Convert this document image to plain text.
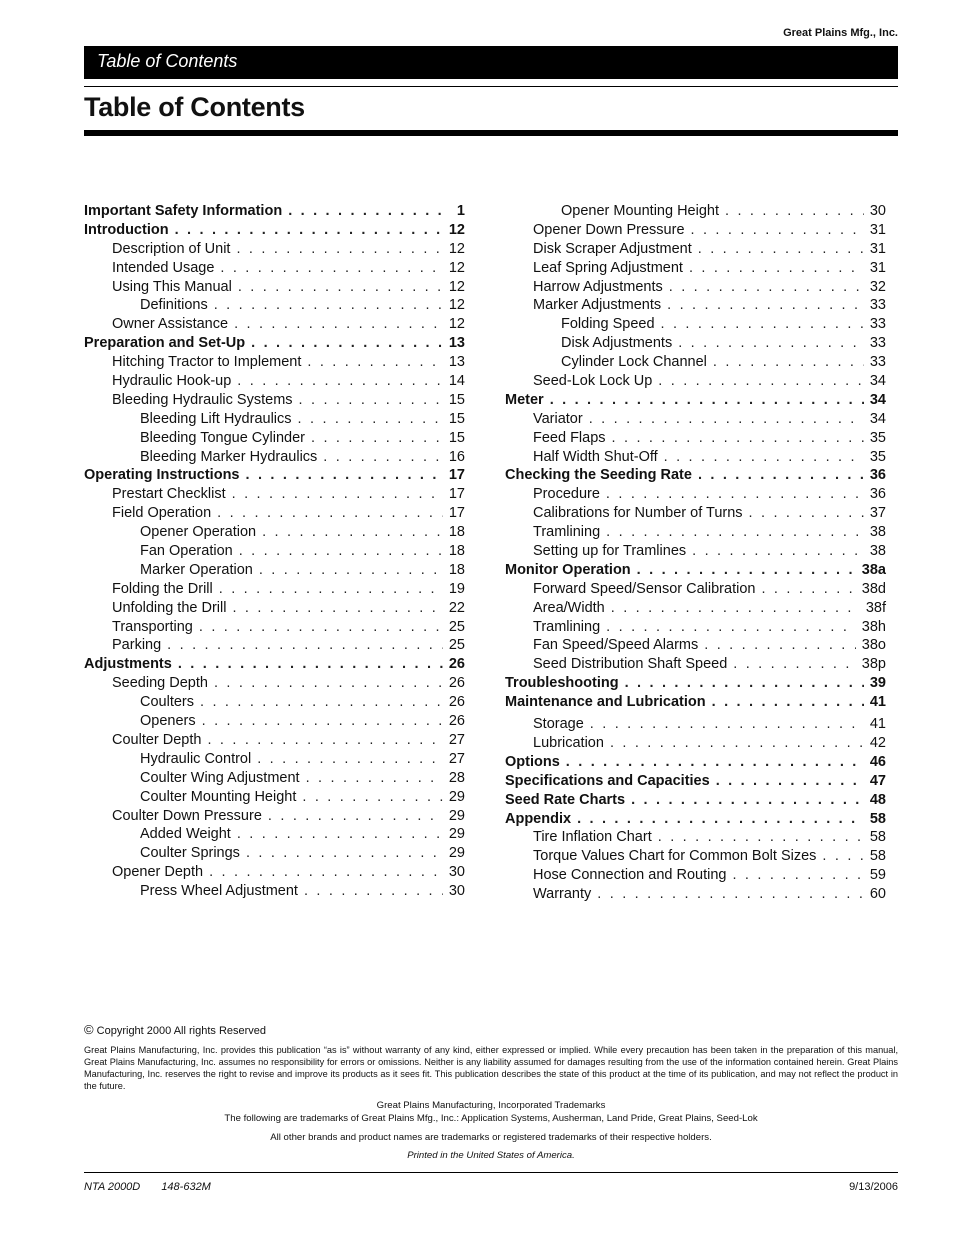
Great Plains Mfg., Inc.
Table of Contents
Table of Contents
Important Safety Information . . .	1
Introduction . . .	12
Description of Unit . . .	12
Intended Usage . . .	12
Using This Manual . . .	12
Definitions . . .	12
Owner Assistance . . .	12
Preparation and Set-Up . . .	13
Hitching Tractor to Implement . . .	13
Hydraulic Hook-up . . .	14
Bleeding Hydraulic Systems . . .	15
Bleeding Lift Hydraulics . . .	15
Bleeding Tongue Cylinder . . .	15
Bleeding Marker Hydraulics . . .	16
Operating Instructions . . .	17
Prestart Checklist . . .	17
Field Operation . . .	17
Opener Operation . . .	18
Fan Operation . . .	18
Marker Operation . . .	18
Folding the Drill . . .	19
Unfolding the Drill . . .	22
Transporting . . .	25
Parking . . .	25
Adjustments . . .	26
Seeding Depth . . .	26
Coulters . . .	26
Openers . . .	26
Coulter Depth . . .	27
Hydraulic Control . . .	27
Coulter Wing Adjustment . . .	28
Coulter Mounting Height . . .	29
Coulter Down Pressure . . .	29
Added Weight . . .	29
Coulter Springs . . .	29
Opener Depth . . .	30
Press Wheel Adjustment . . .	30
Opener Mounting Height . . .	30
Opener Down Pressure . . .	31
Disk Scraper Adjustment . . .	31
Leaf Spring Adjustment . . .	31
Harrow Adjustments . . .	32
Marker Adjustments . . .	33
Folding Speed . . .	33
Disk Adjustments . . .	33
Cylinder Lock Channel . . .	33
Seed-Lok Lock Up . . .	34
Meter . . .	34
Variator . . .	34
Feed Flaps . . .	35
Half Width Shut-Off . . .	35
Checking the Seeding Rate . . .	36
Procedure . . .	36
Calibrations for Number of Turns . . .	37
Tramlining . . .	38
Setting up for Tramlines . . .	38
Monitor Operation . . .	38a
Forward Speed/Sensor Calibration . . .	38d
Area/Width . . .	38f
Tramlining . . .	38h
Fan Speed/Speed Alarms . . .	38o
Seed Distribution Shaft Speed . . .	38p
Troubleshooting . . .	39
Maintenance and Lubrication . . .	41
Storage . . .	41
Lubrication . . .	42
Options . . .	46
Specifications and Capacities . . .	47
Seed Rate Charts . . .	48
Appendix . . .	58
Tire Inflation Chart . . .	58
Torque Values Chart for Common Bolt Sizes . . .	58
Hose Connection and Routing . . .	59
Warranty . . .	60
© Copyright 2000 All rights Reserved

Great Plains Manufacturing, Inc. provides this publication “as is” without warranty of any kind, either expressed or implied. While every precaution has been taken in the preparation of this manual, Great Plains Manufacturing, Inc. assumes no responsibility for errors or omissions. Neither is any liability assumed for damages resulting from the use of the information contained herein. Great Plains Manufacturing, Inc. reserves the right to revise and improve its products as it sees fit. This publication describes the state of this product at the time of its publication, and may not reflect the product in the future.

Great Plains Manufacturing, Incorporated Trademarks

The following are trademarks of Great Plains Mfg., Inc.: Application Systems, Ausherman, Land Pride, Great Plains, Seed-Lok

All other brands and product names are trademarks or registered trademarks of their respective holders.

Printed in the United States of America.

NTA 2000D 148-632M	9/13/2006
